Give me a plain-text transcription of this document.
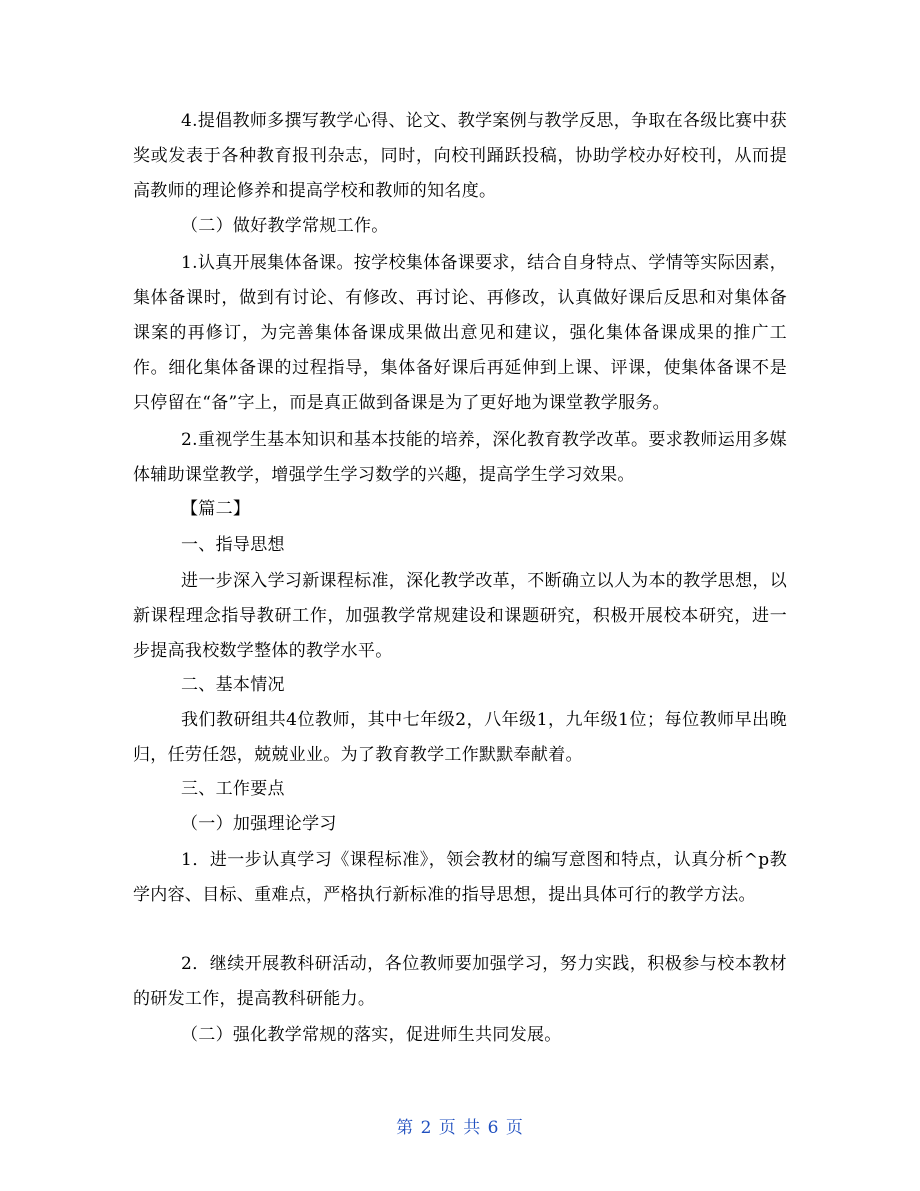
4.提倡教师多撰写教学心得、论文、教学案例与教学反思，争取在各级比赛中获奖或发表于各种教育报刊杂志，同时，向校刊踊跃投稿，协助学校办好校刊，从而提高教师的理论修养和提高学校和教师的知名度。

（二）做好教学常规工作。

1.认真开展集体备课。按学校集体备课要求，结合自身特点、学情等实际因素，集体备课时，做到有讨论、有修改、再讨论、再修改，认真做好课后反思和对集体备课案的再修订，为完善集体备课成果做出意见和建议，强化集体备课成果的推广工作。细化集体备课的过程指导，集体备好课后再延伸到上课、评课，使集体备课不是只停留在“备”字上，而是真正做到备课是为了更好地为课堂教学服务。

2.重视学生基本知识和基本技能的培养，深化教育教学改革。要求教师运用多媒体辅助课堂教学，增强学生学习数学的兴趣，提高学生学习效果。

【篇二】

一、指导思想

进一步深入学习新课程标准，深化教学改革，不断确立以人为本的教学思想，以新课程理念指导教研工作，加强教学常规建设和课题研究，积极开展校本研究，进一步提高我校数学整体的教学水平。

二、基本情况

我们教研组共4位教师，其中七年级2，八年级1，九年级1位；每位教师早出晚归，任劳任怨，兢兢业业。为了教育教学工作默默奉献着。

三、工作要点

（一）加强理论学习

1．进一步认真学习《课程标准》，领会教材的编写意图和特点，认真分析^p教学内容、目标、重难点，严格执行新标准的指导思想，提出具体可行的教学方法。

2．继续开展教科研活动，各位教师要加强学习，努力实践，积极参与校本教材的研发工作，提高教科研能力。

（二）强化教学常规的落实，促进师生共同发展。

第 2 页 共 6 页
